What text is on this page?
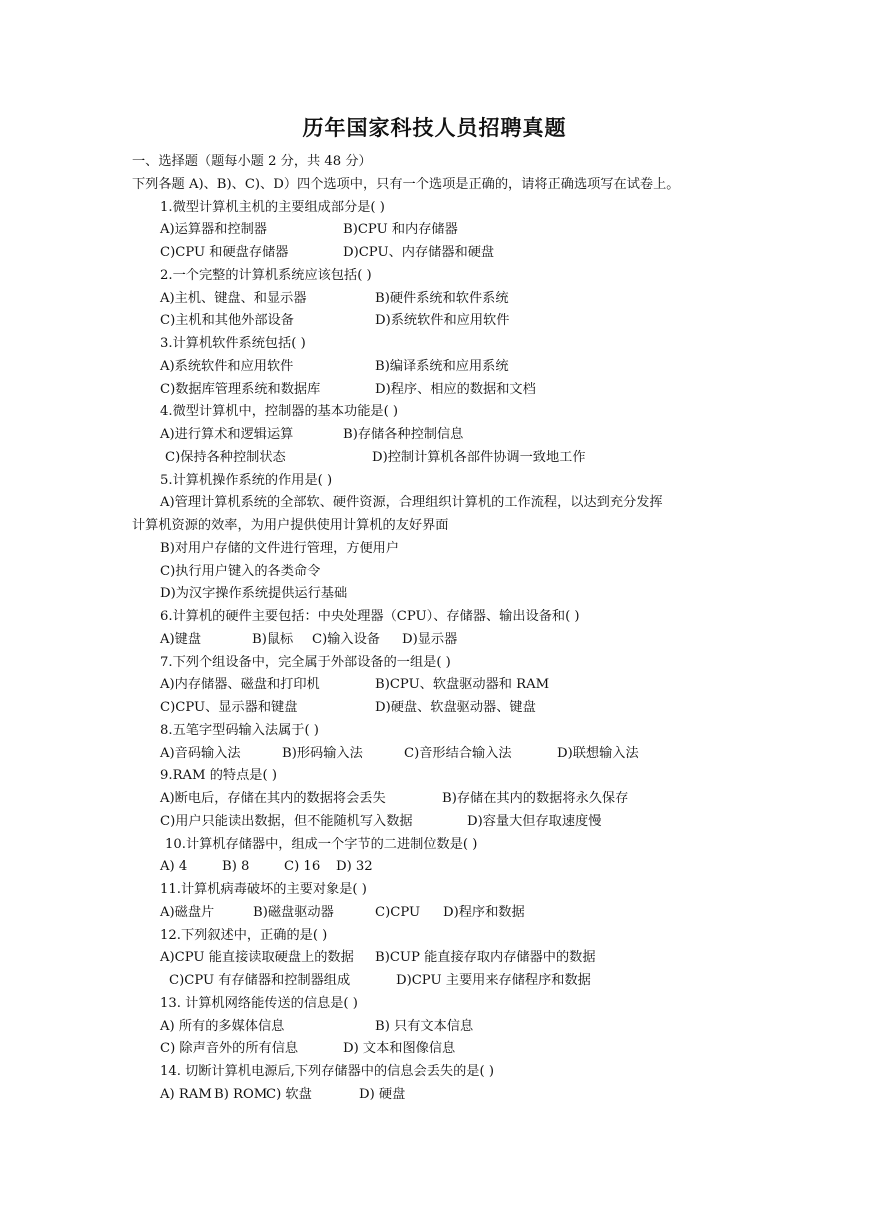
历年国家科技人员招聘真题
一、选择题（题每小题 2 分，共 48 分）
下列各题 A)、B)、C)、D）四个选项中，只有一个选项是正确的，请将正确选项写在试卷上。
1.微型计算机主机的主要组成部分是( )
A)运算器和控制器	B)CPU 和内存储器
C)CPU 和硬盘存储器	D)CPU、内存储器和硬盘
2.一个完整的计算机系统应该包括( )
A)主机、键盘、和显示器	B)硬件系统和软件系统
C)主机和其他外部设备	D)系统软件和应用软件
3.计算机软件系统包括( )
A)系统软件和应用软件	B)编译系统和应用系统
C)数据库管理系统和数据库	D)程序、相应的数据和文档
4.微型计算机中，控制器的基本功能是( )
A)进行算术和逻辑运算	B)存储各种控制信息
C)保持各种控制状态	D)控制计算机各部件协调一致地工作
5.计算机操作系统的作用是( )
A)管理计算机系统的全部软、硬件资源，合理组织计算机的工作流程，以达到充分发挥
计算机资源的效率，为用户提供使用计算机的友好界面
B)对用户存储的文件进行管理，方便用户
C)执行用户键入的各类命令
D)为汉字操作系统提供运行基础
6.计算机的硬件主要包括：中央处理器（CPU）、存储器、输出设备和( )
A)键盘	B)鼠标 C)输入设备 D)显示器
7.下列个组设备中，完全属于外部设备的一组是( )
A)内存储器、磁盘和打印机	B)CPU、软盘驱动器和 RAM
C)CPU、显示器和键盘	D)硬盘、软盘驱动器、键盘
8.五笔字型码输入法属于( )
A)音码输入法	B)形码输入法	C)音形结合输入法	D)联想输入法
9.RAM 的特点是( )
A)断电后，存储在其内的数据将会丢失	B)存储在其内的数据将永久保存
C)用户只能读出数据，但不能随机写入数据	D)容量大但存取速度慢
10.计算机存储器中，组成一个字节的二进制位数是( )
A) 4	B) 8	C) 16 D) 32
11.计算机病毒破坏的主要对象是( )
A)磁盘片	B)磁盘驱动器	C)CPU D)程序和数据
12.下列叙述中，正确的是( )
A)CPU 能直接读取硬盘上的数据 B)CUP 能直接存取内存储器中的数据
C)CPU 有存储器和控制器组成	D)CPU 主要用来存储程序和数据
13. 计算机网络能传送的信息是( )
A) 所有的多媒体信息	B) 只有文本信息
C) 除声音外的所有信息	D) 文本和图像信息
14. 切断计算机电源后,下列存储器中的信息会丢失的是( )
A) RAM B) ROMC) 软盘	D) 硬盘
